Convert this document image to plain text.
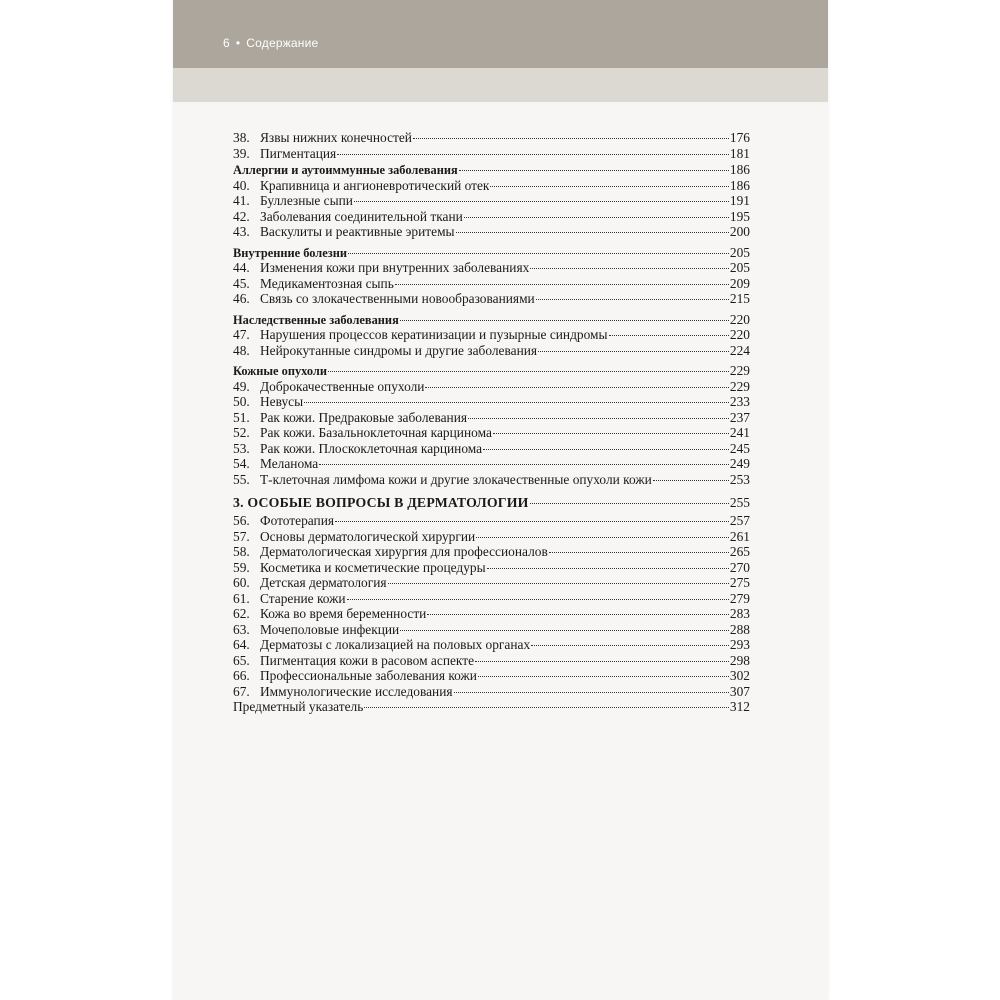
6 • Содержание
38. Язвы нижних конечностей	176
39. Пигментация	181
Аллергии и аутоиммунные заболевания	186
40. Крапивница и ангионевротический отек	186
41. Буллезные сыпи	191
42. Заболевания соединительной ткани	195
43. Васкулиты и реактивные эритемы	200
Внутренние болезни	205
44. Изменения кожи при внутренних заболеваниях	205
45. Медикаментозная сыпь	209
46. Связь со злокачественными новообразованиями	215
Наследственные заболевания	220
47. Нарушения процессов кератинизации и пузырные синдромы	220
48. Нейрокутанные синдромы и другие заболевания	224
Кожные опухоли	229
49. Доброкачественные опухоли	229
50. Невусы	233
51. Рак кожи. Предраковые заболевания	237
52. Рак кожи. Базальноклеточная карцинома	241
53. Рак кожи. Плоскоклеточная карцинома	245
54. Меланома	249
55. Т-клеточная лимфома кожи и другие злокачественные опухоли кожи	253
3. ОСОБЫЕ ВОПРОСЫ В ДЕРМАТОЛОГИИ	255
56. Фототерапия	257
57. Основы дерматологической хирургии	261
58. Дерматологическая хирургия для профессионалов	265
59. Косметика и косметические процедуры	270
60. Детская дерматология	275
61. Старение кожи	279
62. Кожа во время беременности	283
63. Мочеполовые инфекции	288
64. Дерматозы с локализацией на половых органах	293
65. Пигментация кожи в расовом аспекте	298
66. Профессиональные заболевания кожи	302
67. Иммунологические исследования	307
Предметный указатель	312
